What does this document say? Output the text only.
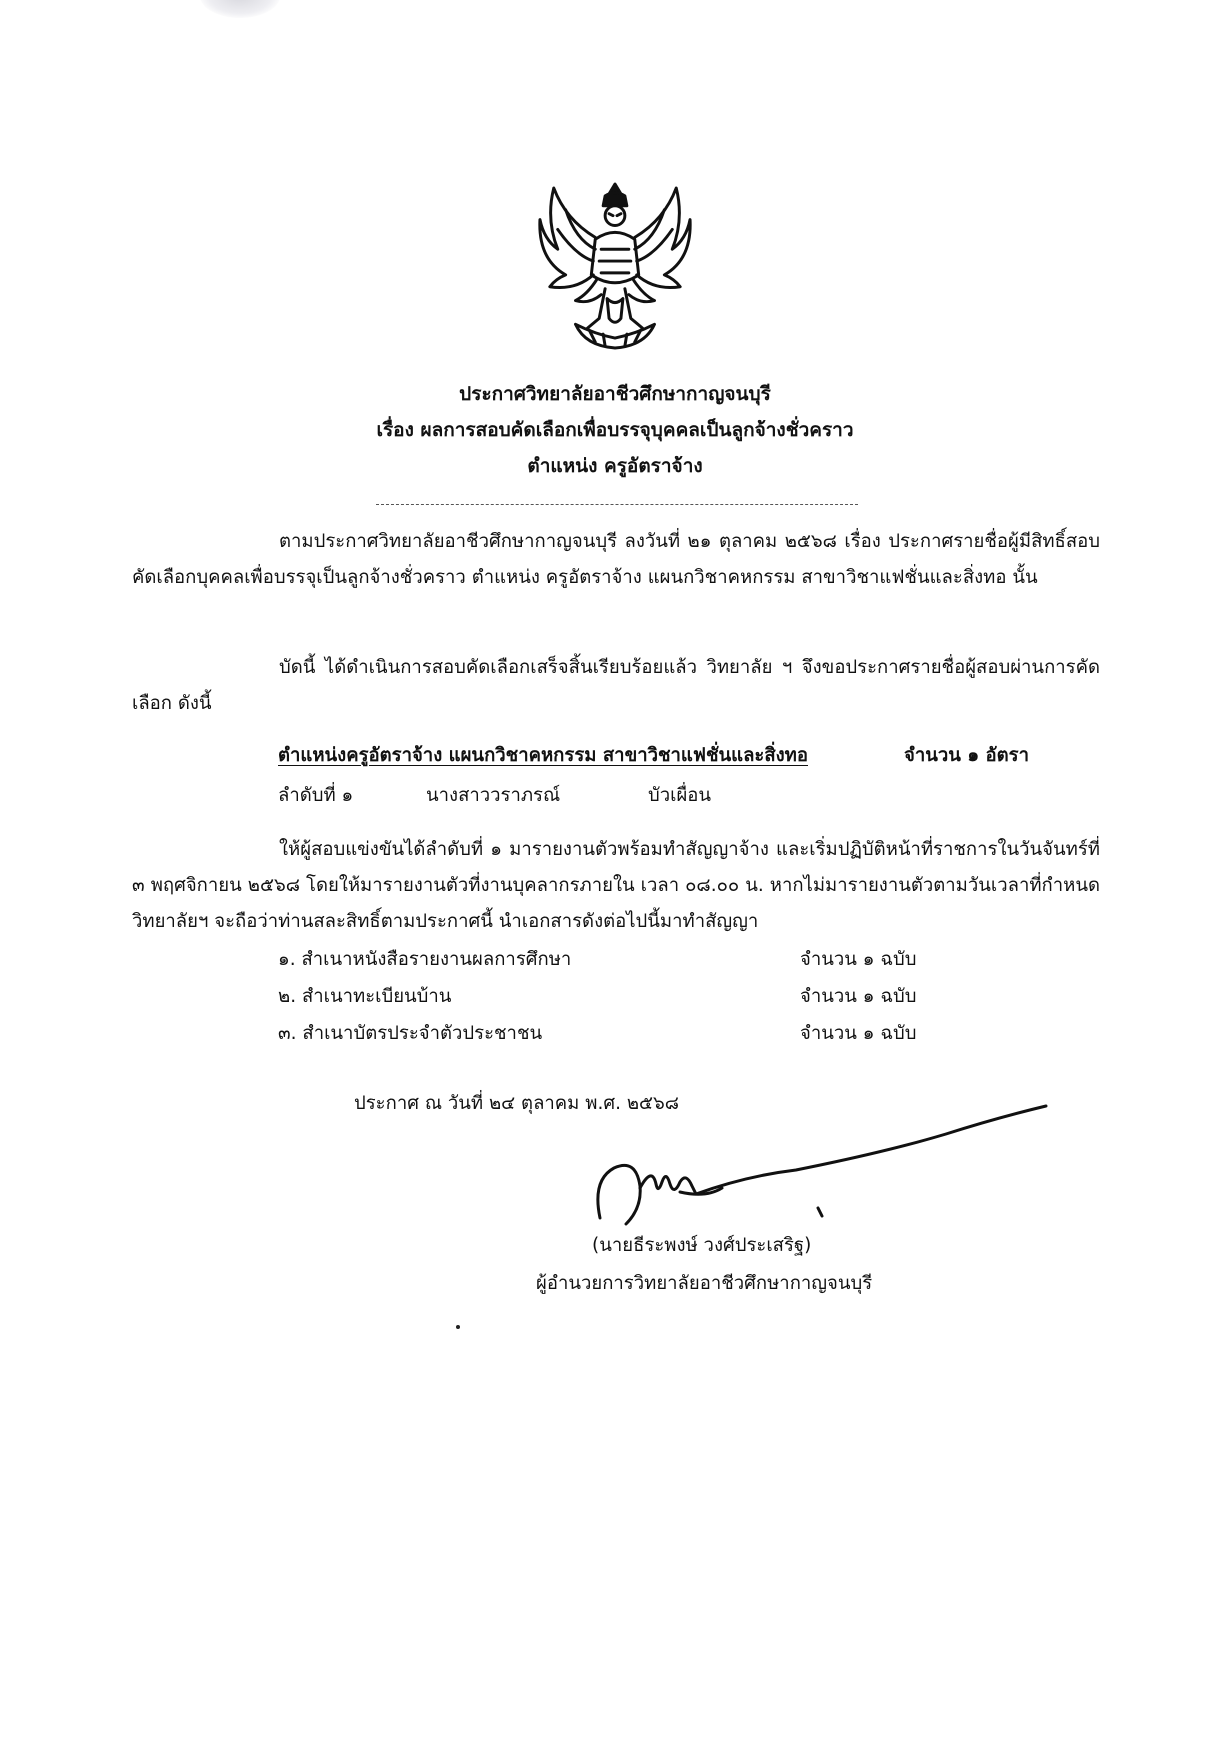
ประกาศวิทยาลัยอาชีวศึกษากาญจนบุรี
เรื่อง ผลการสอบคัดเลือกเพื่อบรรจุบุคคลเป็นลูกจ้างชั่วคราว
ตำแหน่ง ครูอัตราจ้าง
ตามประกาศวิทยาลัยอาชีวศึกษากาญจนบุรี ลงวันที่ ๒๑ ตุลาคม ๒๕๖๘ เรื่อง ประกาศรายชื่อผู้มีสิทธิ์สอบคัดเลือกบุคคลเพื่อบรรจุเป็นลูกจ้างชั่วคราว ตำแหน่ง ครูอัตราจ้าง แผนกวิชาคหกรรม สาขาวิชาแฟชั่นและสิ่งทอ นั้น
บัดนี้ ได้ดำเนินการสอบคัดเลือกเสร็จสิ้นเรียบร้อยแล้ว วิทยาลัย ฯ จึงขอประกาศรายชื่อผู้สอบผ่านการคัดเลือก ดังนี้
ตำแหน่งครูอัตราจ้าง แผนกวิชาคหกรรม สาขาวิชาแฟชั่นและสิ่งทอ	จำนวน ๑ อัตรา
ลำดับที่ ๑	นางสาววราภรณ์	บัวเผื่อน
ให้ผู้สอบแข่งขันได้ลำดับที่ ๑ มารายงานตัวพร้อมทำสัญญาจ้าง และเริ่มปฏิบัติหน้าที่ราชการในวันจันทร์ที่ ๓ พฤศจิกายน ๒๕๖๘ โดยให้มารายงานตัวที่งานบุคลากรภายใน เวลา ๐๘.๐๐ น. หากไม่มารายงานตัวตามวันเวลาที่กำหนดวิทยาลัยฯ จะถือว่าท่านสละสิทธิ์ตามประกาศนี้ นำเอกสารดังต่อไปนี้มาทำสัญญา
๑. สำเนาหนังสือรายงานผลการศึกษา	จำนวน ๑ ฉบับ
๒. สำเนาทะเบียนบ้าน	จำนวน ๑ ฉบับ
๓. สำเนาบัตรประจำตัวประชาชน	จำนวน ๑ ฉบับ
ประกาศ ณ วันที่ ๒๔ ตุลาคม พ.ศ. ๒๕๖๘
(นายธีระพงษ์ วงศ์ประเสริฐ)
ผู้อำนวยการวิทยาลัยอาชีวศึกษากาญจนบุรี
